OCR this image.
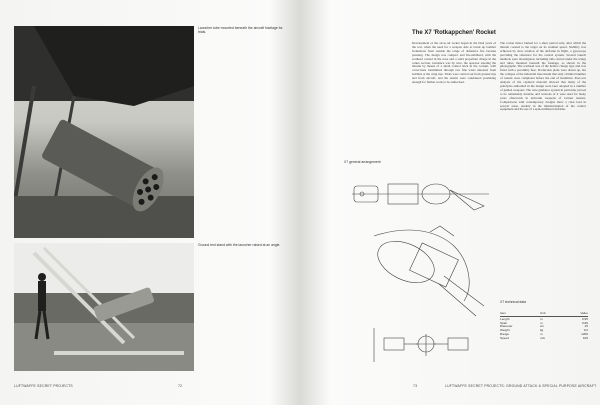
Launcher tube mounted beneath the aircraft fuselage for trials.
Ground test stand with the launcher raised at an angle.
LUFTWAFFE SECRET PROJECTS	72
The X7 'Rotkappchen' Rocket
Development of the air-to-air rocket began in the final years of the war, when the need for a weapon able to break up bomber formations from outside the range of defensive fire became pressing. The design was compact and fin-stabilised, with the warhead carried in the nose and a solid propellant charge in the centre section. Guidance was by wire, the operator steering the missile by means of a small control stick in the cockpit, with corrections transmitted through two fine wires unreeled from bobbins at the wing tips. Trials were carried out from ground rigs and from aircraft, and the results were considered promising enough for further work to be authorised.
The rocket motor burned for a short period only, after which the missile coasted to the target on its residual speed. Stability was achieved by slow rotation of the airframe in flight, a gyroscope providing the reference for the control system. Several launch methods were investigated, including rails carried under the wings and tubes mounted beneath the fuselage, as shown in the photographs. The warhead was of the hollow charge type and was fitted with a proximity fuse. Production plans were drawn up, but the collapse of the industrial base meant that only a limited number of rounds were completed before the end of hostilities. Post-war analysis of the captured material showed that many of the principles embodied in the design were later adopted in a number of guided weapons. The wire guidance system in particular proved to be remarkably durable, and versions of it were used for many years afterwards in anti-tank weapons of various nations. Comparisons with contemporary designs show a clear lead in several areas, notably in the miniaturisation of the control equipment and the use of a spin-stabilised airframe.
X7 general arrangement
X7 technical data
Item	Unit	Value
Length	m	0.95
Span	m	0.60
Diameter	cm	15
Weight	kg	9.0
Range	m	1200
Speed	m/s	100
73	LUFTWAFFE SECRET PROJECTS: GROUND ATTACK & SPECIAL PURPOSE AIRCRAFT
